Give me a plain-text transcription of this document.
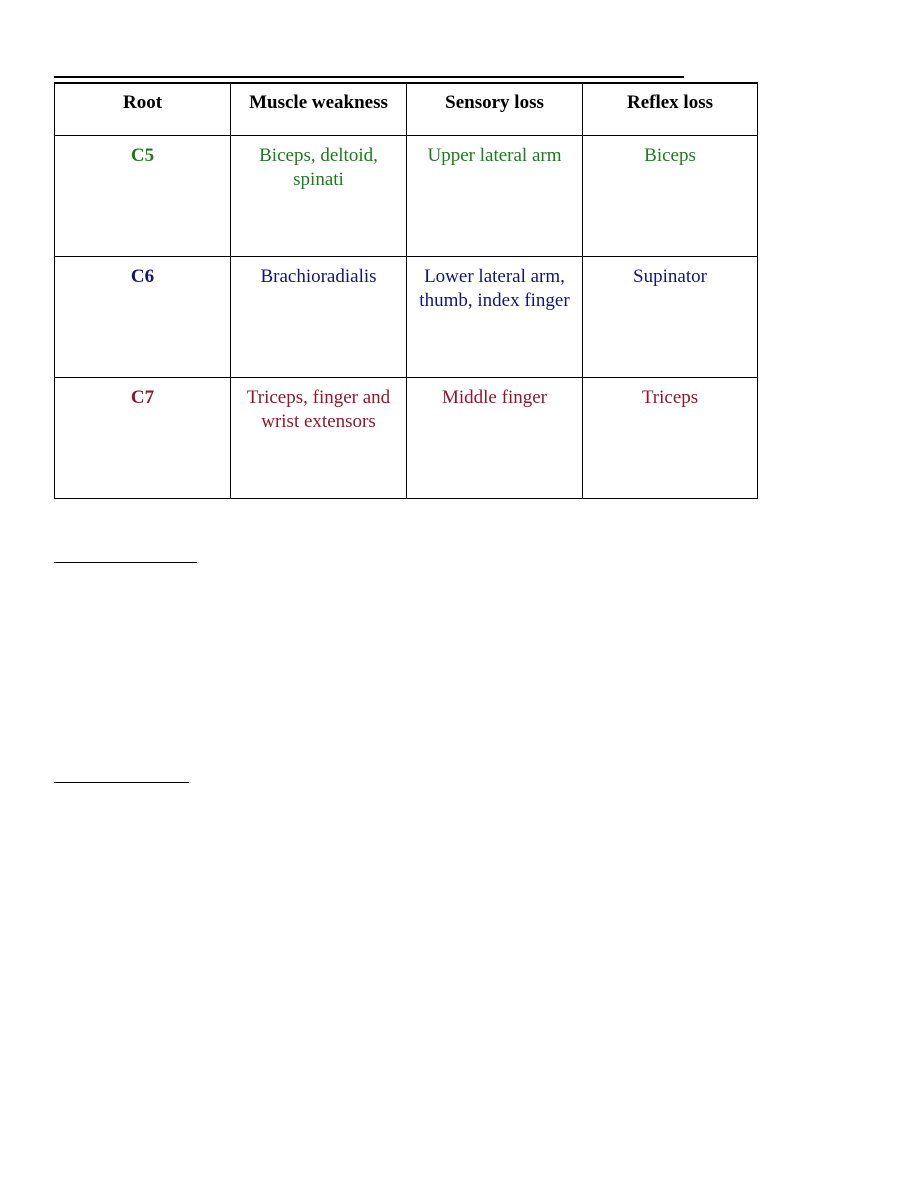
Root	Muscle weakness	Sensory loss	Reflex loss
C5	Biceps, deltoid, spinati	Upper lateral arm	Biceps
C6	Brachioradialis	Lower lateral arm, thumb, index finger	Supinator
C7	Triceps, finger and wrist extensors	Middle finger	Triceps
